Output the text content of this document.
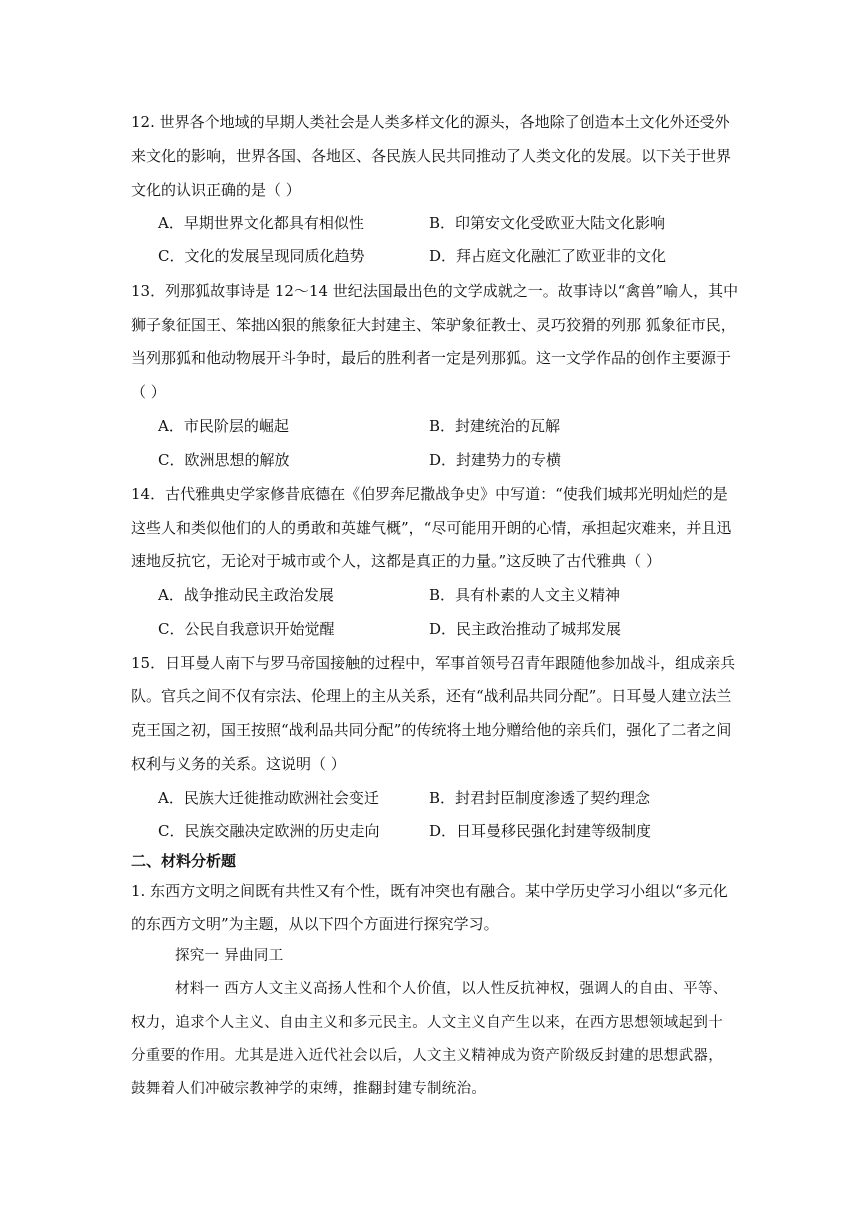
12. 世界各个地域的早期人类社会是人类多样文化的源头，各地除了创造本土文化外还受外
来文化的影响，世界各国、各地区、各民族人民共同推动了人类文化的发展。以下关于世界
文化的认识正确的是（ ）
A．早期世界文化都具有相似性	B．印第安文化受欧亚大陆文化影响
C．文化的发展呈现同质化趋势	D．拜占庭文化融汇了欧亚非的文化
13．列那狐故事诗是 12～14 世纪法国最出色的文学成就之一。故事诗以“禽兽”喻人，其中
狮子象征国王、笨拙凶狠的熊象征大封建主、笨驴象征教士、灵巧狡猾的列那 狐象征市民，
当列那狐和他动物展开斗争时，最后的胜利者一定是列那狐。这一文学作品的创作主要源于
（ ）
A．市民阶层的崛起	B．封建统治的瓦解
C．欧洲思想的解放	D．封建势力的专横
14．古代雅典史学家修昔底德在《伯罗奔尼撒战争史》中写道：“使我们城邦光明灿烂的是
这些人和类似他们的人的勇敢和英雄气概”，“尽可能用开朗的心情，承担起灾难来，并且迅
速地反抗它，无论对于城市或个人，这都是真正的力量。”这反映了古代雅典（ ）
A．战争推动民主政治发展	B．具有朴素的人文主义精神
C．公民自我意识开始觉醒	D．民主政治推动了城邦发展
15．日耳曼人南下与罗马帝国接触的过程中，军事首领号召青年跟随他参加战斗，组成亲兵
队。官兵之间不仅有宗法、伦理上的主从关系，还有“战利品共同分配”。日耳曼人建立法兰
克王国之初，国王按照“战利品共同分配”的传统将土地分赠给他的亲兵们，强化了二者之间
权利与义务的关系。这说明（ ）
A．民族大迁徙推动欧洲社会变迁	B．封君封臣制度渗透了契约理念
C．民族交融决定欧洲的历史走向	D．日耳曼移民强化封建等级制度
二、材料分析题
1. 东西方文明之间既有共性又有个性，既有冲突也有融合。某中学历史学习小组以“多元化
的东西方文明”为主题，从以下四个方面进行探究学习。
探究一 异曲同工
材料一 西方人文主义高扬人性和个人价值，以人性反抗神权，强调人的自由、平等、
权力，追求个人主义、自由主义和多元民主。人文主义自产生以来，在西方思想领域起到十
分重要的作用。尤其是进入近代社会以后，人文主义精神成为资产阶级反封建的思想武器，
鼓舞着人们冲破宗教神学的束缚，推翻封建专制统治。
